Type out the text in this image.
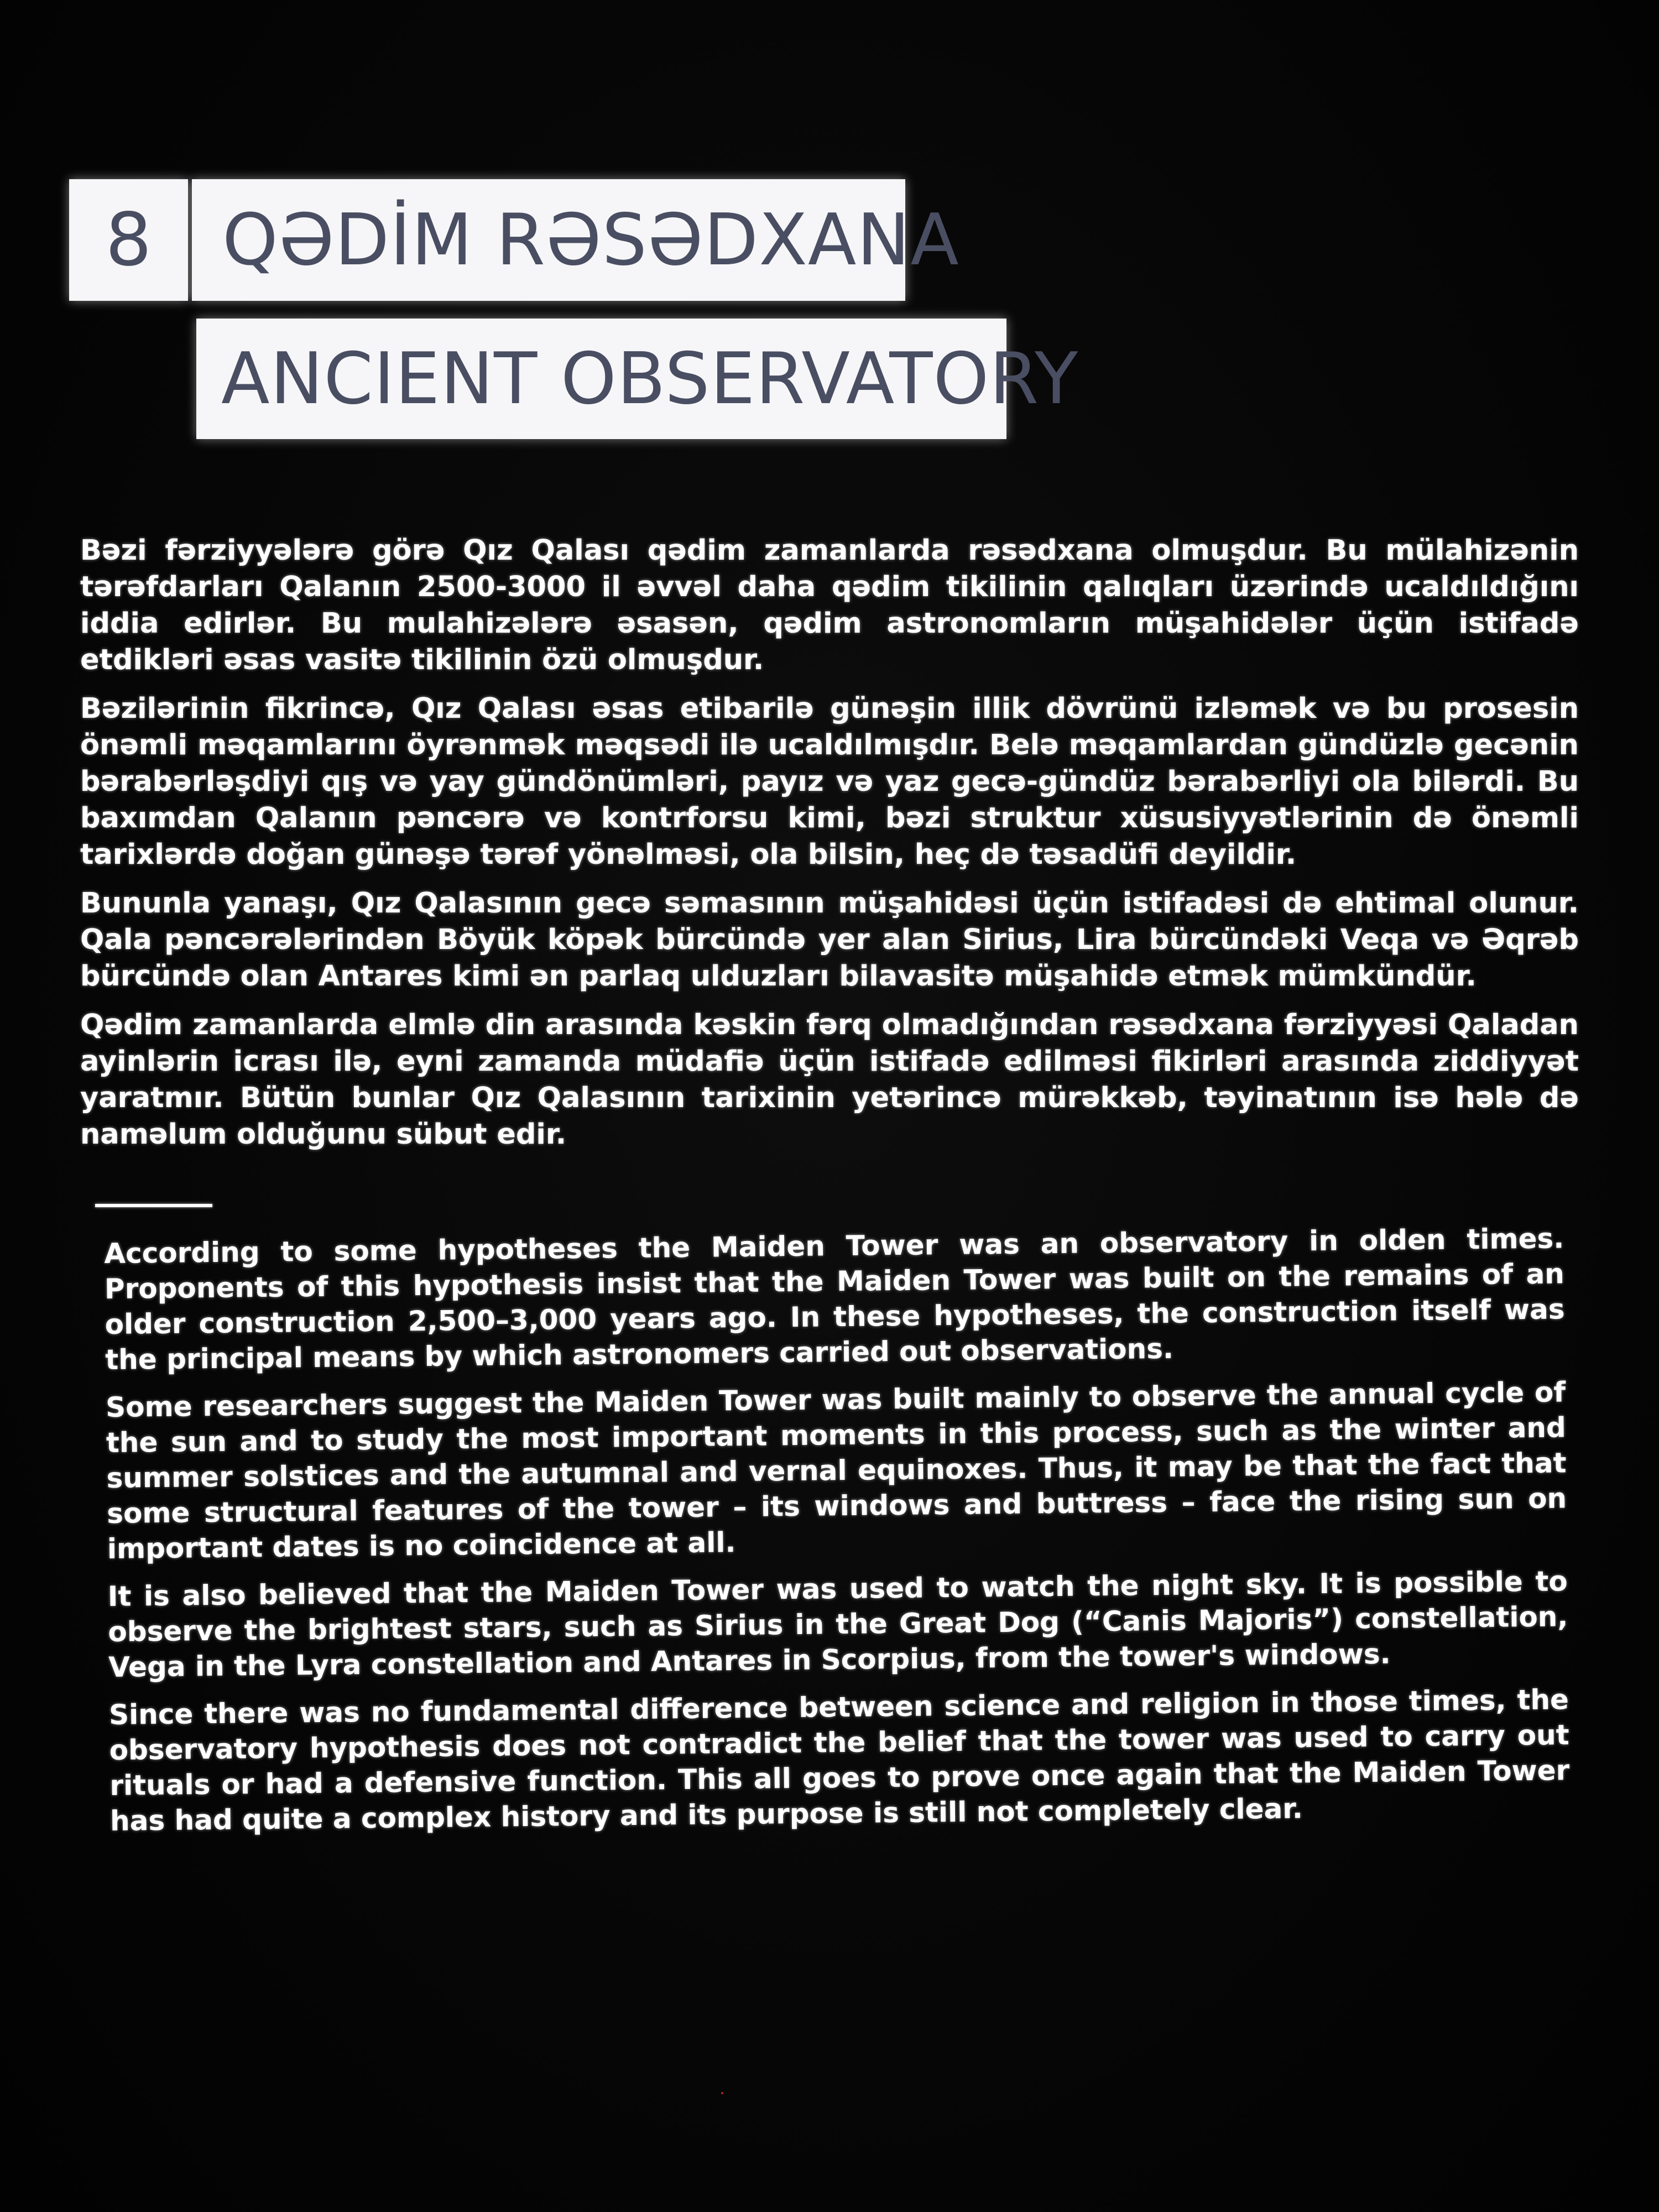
8 QƏDİM RƏSƏDXANA
ANCIENT OBSERVATORY

Bəzi fərziyyələrə görə Qız Qalası qədim zamanlarda rəsədxana olmuşdur. Bu mülahizənin tərəfdarları Qalanın 2500-3000 il əvvəl daha qədim tikilinin qalıqları üzərində ucaldıldığını iddia edirlər. Bu mulahizələrə əsasən, qədim astronomların müşahidələr üçün istifadə etdikləri əsas vasitə tikilinin özü olmuşdur.

Bəzilərinin fikrincə, Qız Qalası əsas etibarilə günəşin illik dövrünü izləmək və bu prosesin önəmli məqamlarını öyrənmək məqsədi ilə ucaldılmışdır. Belə məqamlardan gündüzlə gecənin bərabərləşdiyi qış və yay gündönümləri, payız və yaz gecə-gündüz bərabərliyi ola bilərdi. Bu baxımdan Qalanın pəncərə və kontrforsu kimi, bəzi struktur xüsusiyyətlərinin də önəmli tarixlərdə doğan günəşə tərəf yönəlməsi, ola bilsin, heç də təsadüfi deyildir.

Bununla yanaşı, Qız Qalasının gecə səmasının müşahidəsi üçün istifadəsi də ehtimal olunur. Qala pəncərələrindən Böyük köpək bürcündə yer alan Sirius, Lira bürcündəki Veqa və Əqrəb bürcündə olan Antares kimi ən parlaq ulduzları bilavasitə müşahidə etmək mümkündür.

Qədim zamanlarda elmlə din arasında kəskin fərq olmadığından rəsədxana fərziyyəsi Qaladan ayinlərin icrası ilə, eyni zamanda müdafiə üçün istifadə edilməsi fikirləri arasında ziddiyyət yaratmır. Bütün bunlar Qız Qalasının tarixinin yetərincə mürəkkəb, təyinatının isə hələ də naməlum olduğunu sübut edir.

According to some hypotheses the Maiden Tower was an observatory in olden times. Proponents of this hypothesis insist that the Maiden Tower was built on the remains of an older construction 2,500–3,000 years ago. In these hypotheses, the construction itself was the principal means by which astronomers carried out observations.

Some researchers suggest the Maiden Tower was built mainly to observe the annual cycle of the sun and to study the most important moments in this process, such as the winter and summer solstices and the autumnal and vernal equinoxes. Thus, it may be that the fact that some structural features of the tower – its windows and buttress – face the rising sun on important dates is no coincidence at all.

It is also believed that the Maiden Tower was used to watch the night sky. It is possible to observe the brightest stars, such as Sirius in the Great Dog (“Canis Majoris”) constellation, Vega in the Lyra constellation and Antares in Scorpius, from the tower's windows.

Since there was no fundamental difference between science and religion in those times, the observatory hypothesis does not contradict the belief that the tower was used to carry out rituals or had a defensive function. This all goes to prove once again that the Maiden Tower has had quite a complex history and its purpose is still not completely clear.
